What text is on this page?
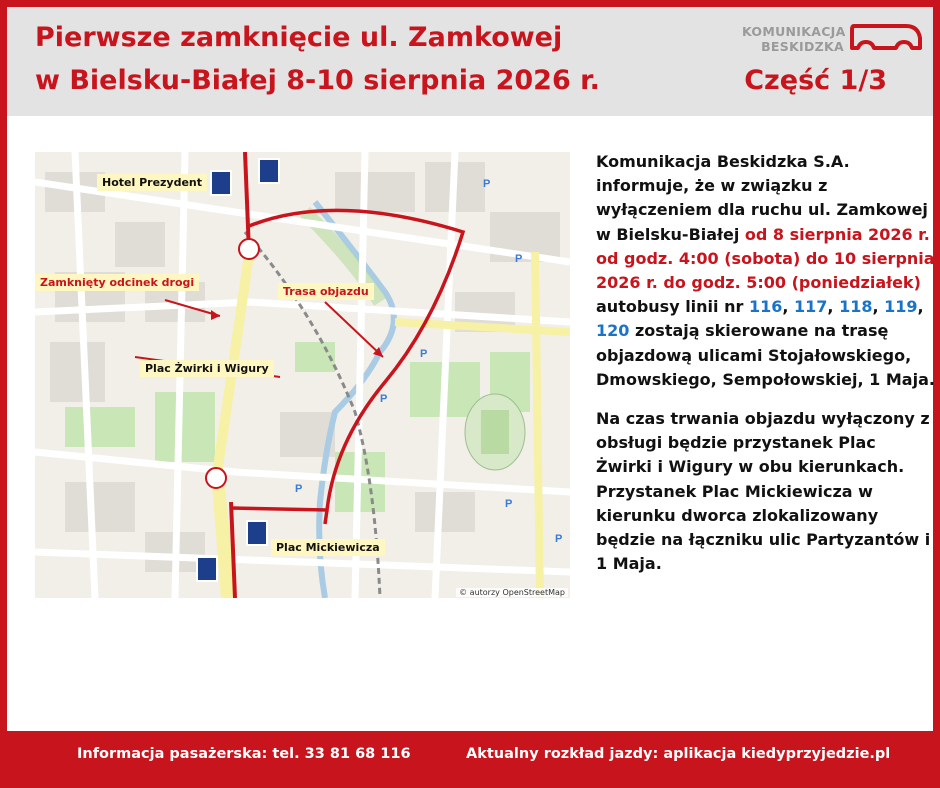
Pierwsze zamknięcie ul. Zamkowej
w Bielsku-Białej 8-10 sierpnia 2026 r.	Część 1/3
KOMUNIKACJA
BESKIDZKA
P
P
P
P
P
P
P
Hotel Prezydent
Zamknięty odcinek drogi
Trasa objazdu
Plac Żwirki i Wigury
Plac Mickiewicza
© autorzy OpenStreetMap

Komunikacja Beskidzka S.A. informuje, że w związku z wyłączeniem dla ruchu ul. Zamkowej w Bielsku-Białej od 8 sierpnia 2026 r. od godz. 4:00 (sobota) do 10 sierpnia 2026 r. do godz. 5:00 (poniedziałek) autobusy linii nr 116, 117, 118, 119, 120 zostają skierowane na trasę objazdową ulicami Stojałowskiego, Dmowskiego, Sempołowskiej, 1 Maja.

Na czas trwania objazdu wyłączony z obsługi będzie przystanek Plac Żwirki i Wigury w obu kierunkach. Przystanek Plac Mickiewicza w kierunku dworca zlokalizowany będzie na łączniku ulic Partyzantów i 1 Maja.

Informacja pasażerska: tel. 33 81 68 116	Aktualny rozkład jazdy: aplikacja kiedyprzyjedzie.pl
